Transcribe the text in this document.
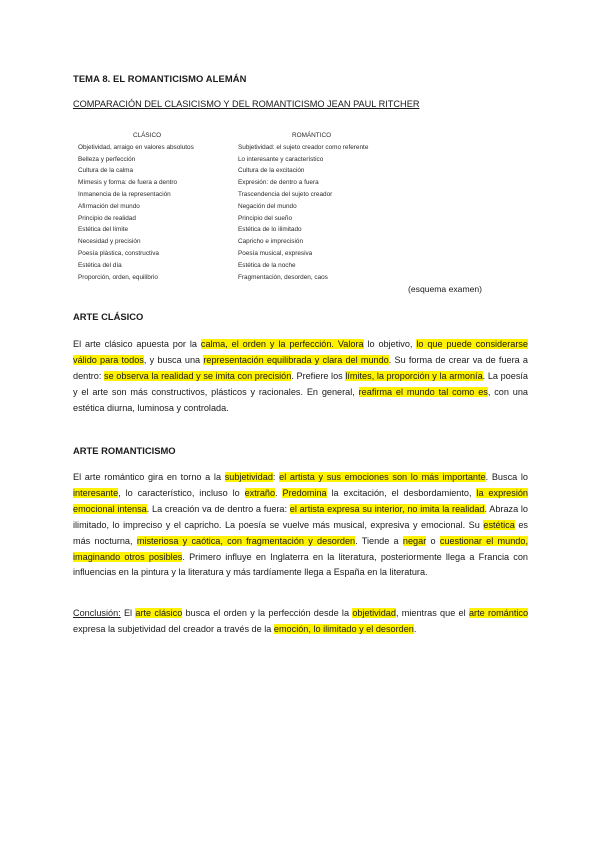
TEMA 8. EL ROMANTICISMO ALEMÁN
COMPARACIÓN DEL CLASICISMO Y DEL ROMANTICISMO JEAN PAUL RITCHER
CLÁSICO	ROMÁNTICO
Objetividad, arraigo en valores absolutos	Subjetividad: el sujeto creador como referente
Belleza y perfección	Lo interesante y característico
Cultura de la calma	Cultura de la excitación
Mímesis y forma: de fuera a dentro	Expresión: de dentro a fuera
Inmanencia de la representación	Trascendencia del sujeto creador
Afirmación del mundo	Negación del mundo
Principio de realidad	Principio del sueño
Estética del límite	Estética de lo ilimitado
Necesidad y precisión	Capricho e imprecisión
Poesía plástica, constructiva	Poesía musical, expresiva
Estética del día	Estética de la noche
Proporción, orden, equilibrio	Fragmentación, desorden, caos
(esquema examen)
ARTE CLÁSICO
El arte clásico apuesta por la calma, el orden y la perfección. Valora lo objetivo, lo que puede considerarse válido para todos, y busca una representación equilibrada y clara del mundo. Su forma de crear va de fuera a dentro: se observa la realidad y se imita con precisión. Prefiere los límites, la proporción y la armonía. La poesía y el arte son más constructivos, plásticos y racionales. En general, reafirma el mundo tal como es, con una estética diurna, luminosa y controlada.
ARTE ROMANTICISMO
El arte romántico gira en torno a la subjetividad: el artista y sus emociones son lo más importante. Busca lo interesante, lo característico, incluso lo extraño. Predomina la excitación, el desbordamiento, la expresión emocional intensa. La creación va de dentro a fuera: el artista expresa su interior, no imita la realidad. Abraza lo ilimitado, lo impreciso y el capricho. La poesía se vuelve más musical, expresiva y emocional. Su estética es más nocturna, misteriosa y caótica, con fragmentación y desorden. Tiende a negar o cuestionar el mundo, imaginando otros posibles. Primero influye en Inglaterra en la literatura, posteriormente llega a Francia con influencias en la pintura y la literatura y más tardíamente llega a España en la literatura.
Conclusión: El arte clásico busca el orden y la perfección desde la objetividad, mientras que el arte romántico expresa la subjetividad del creador a través de la emoción, lo ilimitado y el desorden.
